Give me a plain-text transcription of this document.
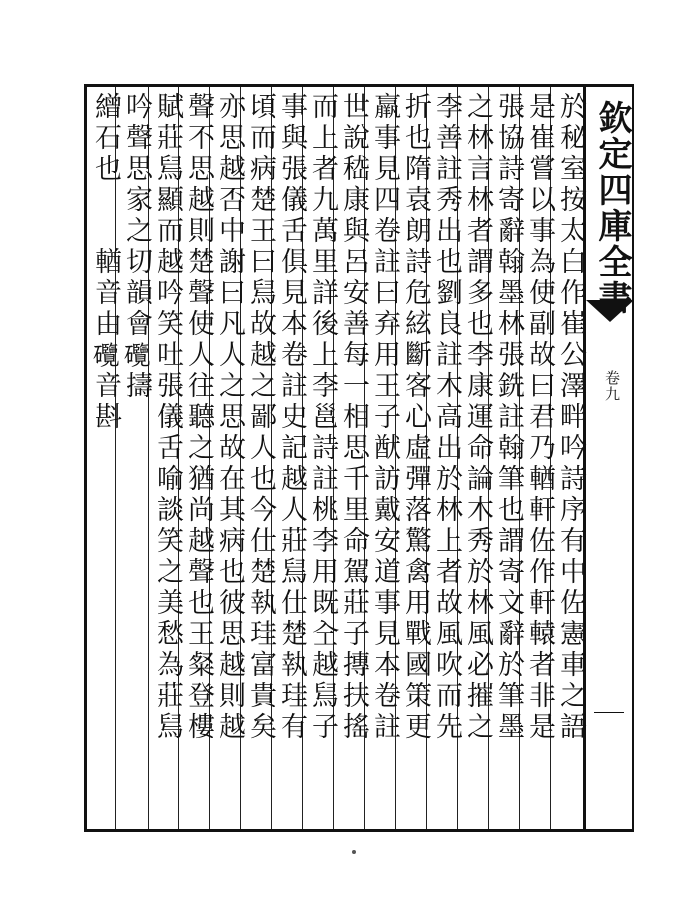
於秘室按太白作崔公澤畔吟詩序有中佐憲車之語
是崔嘗以事為使副故曰君乃輶軒佐作軒轅者非是
張協詩寄辭翰墨林張銑註翰筆也謂寄文辭於筆墨
之林言林者謂多也李康運命論木秀於林風必摧之
李善註秀出也劉良註木高出於林上者故風吹而先
折也隋袁朗詩危絃斷客心虛彈落驚禽用戰國策更
羸事見四卷註曰弃用王子猷訪戴安道事見本卷註
世說嵇康與呂安善每一相思千里命駕莊子摶扶搖
而上者九萬里詳後上李邕詩註桃李用既㒰越舃子
事與張儀舌俱見本卷註史記越人莊舃仕楚執珪有
頃而病楚王曰舃故越之鄙人也今仕楚執珪富貴矣
亦思越否中謝曰凡人之思故在其病也彼思越則越
聲不思越則楚聲使人往聽之猶尚越聲也王粲登樓
賦莊舃顯而越吟笑吐張儀舌喻談笑之美愁為莊舃
吟聲思家之切韻會𥗽擣
繒石也　　輶音由𥗽音斟	欽定四庫全書
卷九
